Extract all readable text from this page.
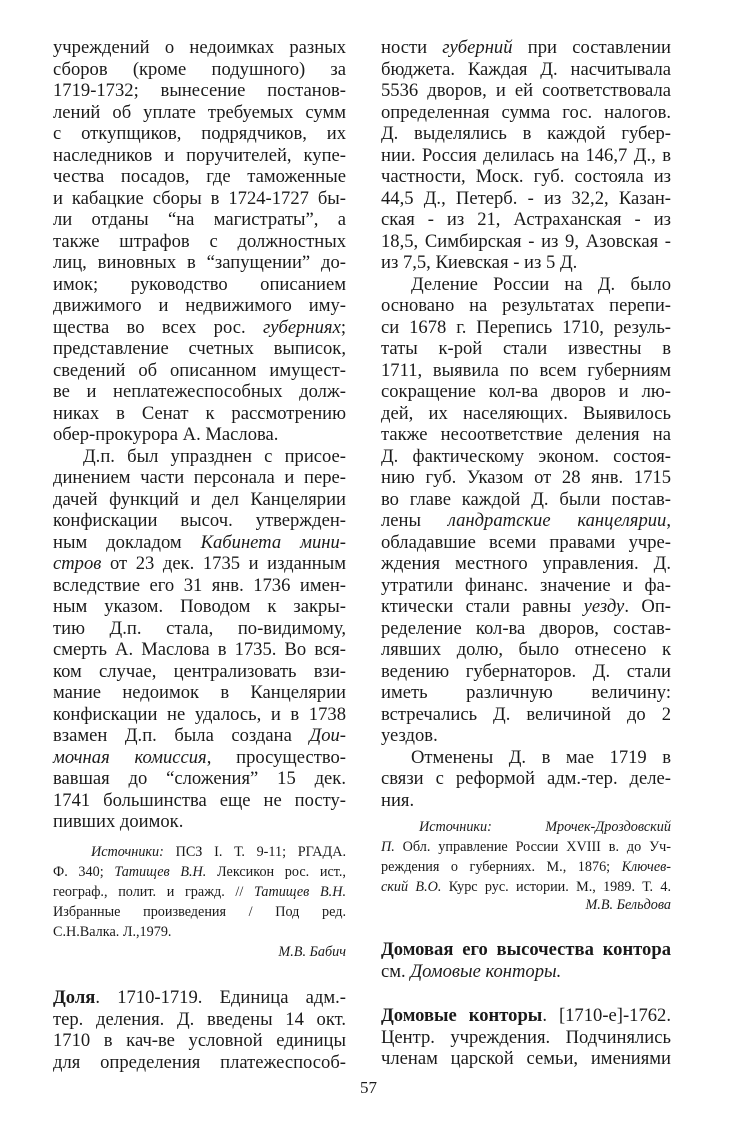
учреждений о недоимках разных
сборов (кроме подушного) за
1719-1732; вынесение постанов-
лений об уплате требуемых сумм
с откупщиков, подрядчиков, их
наследников и поручителей, купе-
чества посадов, где таможенные
и кабацкие сборы в 1724-1727 бы-
ли отданы “на магистраты”, а
также штрафов с должностных
лиц, виновных в “запущении” до-
имок; руководство описанием
движимого и недвижимого иму-
щества во всех рос. губерниях;
представление счетных выписок,
сведений об описанном имущест-
ве и неплатежеспособных долж-
никах в Сенат к рассмотрению
обер-прокурора А. Маслова.
Д.п. был упразднен с присое-
динением части персонала и пере-
дачей функций и дел Канцелярии
конфискации высоч. утвержден-
ным докладом Кабинета мини-
стров от 23 дек. 1735 и изданным
вследствие его 31 янв. 1736 имен-
ным указом. Поводом к закры-
тию Д.п. стала, по-видимому,
смерть А. Маслова в 1735. Во вся-
ком случае, централизовать взи-
мание недоимок в Канцелярии
конфискации не удалось, и в 1738
взамен Д.п. была создана Дои-
мочная комиссия, просущество-
вавшая до “сложения” 15 дек.
1741 большинства еще не посту-
пивших доимок.
Источники: ПСЗ I. Т. 9-11; РГАДА.
Ф. 340; Татищев В.Н. Лексикон рос. ист.,
географ., полит. и гражд. // Татищев В.Н.
Избранные произведения / Под ред.
С.Н.Валка. Л.,1979.
М.В. Бабич
Доля. 1710-1719. Единица адм.-
тер. деления. Д. введены 14 окт.
1710 в кач-ве условной единицы
для определения платежеспособ-
ности губерний при составлении
бюджета. Каждая Д. насчитывала
5536 дворов, и ей соответствовала
определенная сумма гос. налогов.
Д. выделялись в каждой губер-
нии. Россия делилась на 146,7 Д., в
частности, Моск. губ. состояла из
44,5 Д., Петерб. - из 32,2, Казан-
ская - из 21, Астраханская - из
18,5, Симбирская - из 9, Азовская -
из 7,5, Киевская - из 5 Д.
Деление России на Д. было
основано на результатах перепи-
си 1678 г. Перепись 1710, резуль-
таты к-рой стали известны в
1711, выявила по всем губерниям
сокращение кол-ва дворов и лю-
дей, их населяющих. Выявилось
также несоответствие деления на
Д. фактическому эконом. состоя-
нию губ. Указом от 28 янв. 1715
во главе каждой Д. были постав-
лены ландратские канцелярии,
обладавшие всеми правами учре-
ждения местного управления. Д.
утратили финанс. значение и фа-
ктически стали равны уезду. Оп-
ределение кол-ва дворов, состав-
лявших долю, было отнесено к
ведению губернаторов. Д. стали
иметь различную величину:
встречались Д. величиной до 2
уездов.
Отменены Д. в мае 1719 в
связи с реформой адм.-тер. деле-
ния.
Источники:	Мрочек-Дроздовский
П. Обл. управление России XVIII в. до Уч-
реждения о губерниях. М., 1876; Ключев-
ский В.О. Курс рус. истории. М., 1989. Т. 4.
М.В. Бельдова
Домовая его высочества контора
см. Домовые конторы.
Домовые конторы. [1710-е]-1762.
Центр. учреждения. Подчинялись
членам царской семьи, имениями
57
